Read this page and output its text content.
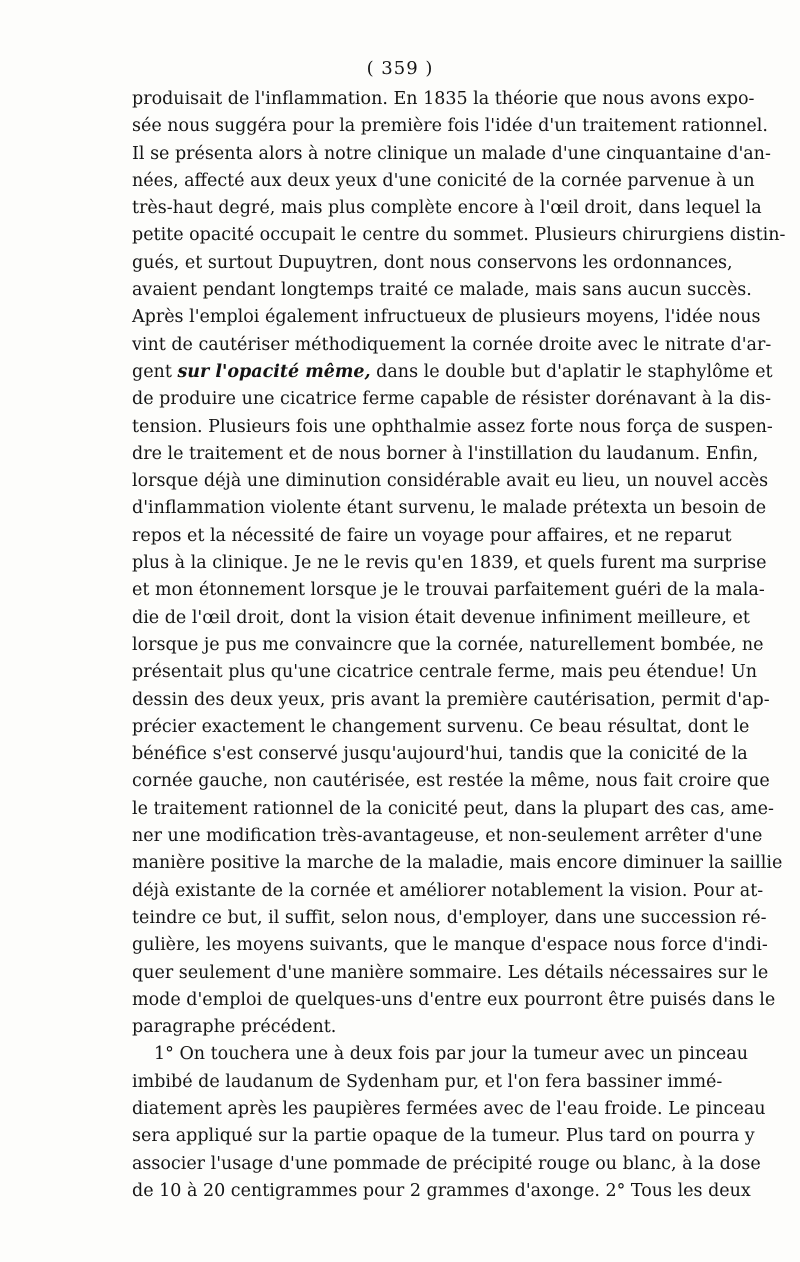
( 359 )
produisait de l'inflammation. En 1835 la théorie que nous avons expo-
sée nous suggéra pour la première fois l'idée d'un traitement rationnel.
Il se présenta alors à notre clinique un malade d'une cinquantaine d'an-
nées, affecté aux deux yeux d'une conicité de la cornée parvenue à un
très-haut degré, mais plus complète encore à l'œil droit, dans lequel la
petite opacité occupait le centre du sommet. Plusieurs chirurgiens distin-
gués, et surtout Dupuytren, dont nous conservons les ordonnances,
avaient pendant longtemps traité ce malade, mais sans aucun succès.
Après l'emploi également infructueux de plusieurs moyens, l'idée nous
vint de cautériser méthodiquement la cornée droite avec le nitrate d'ar-
gent sur l'opacité même, dans le double but d'aplatir le staphylôme et
de produire une cicatrice ferme capable de résister dorénavant à la dis-
tension. Plusieurs fois une ophthalmie assez forte nous força de suspen-
dre le traitement et de nous borner à l'instillation du laudanum. Enfin,
lorsque déjà une diminution considérable avait eu lieu, un nouvel accès
d'inflammation violente étant survenu, le malade prétexta un besoin de
repos et la nécessité de faire un voyage pour affaires, et ne reparut
plus à la clinique. Je ne le revis qu'en 1839, et quels furent ma surprise
et mon étonnement lorsque je le trouvai parfaitement guéri de la mala-
die de l'œil droit, dont la vision était devenue infiniment meilleure, et
lorsque je pus me convaincre que la cornée, naturellement bombée, ne
présentait plus qu'une cicatrice centrale ferme, mais peu étendue! Un
dessin des deux yeux, pris avant la première cautérisation, permit d'ap-
précier exactement le changement survenu. Ce beau résultat, dont le
bénéfice s'est conservé jusqu'aujourd'hui, tandis que la conicité de la
cornée gauche, non cautérisée, est restée la même, nous fait croire que
le traitement rationnel de la conicité peut, dans la plupart des cas, ame-
ner une modification très-avantageuse, et non-seulement arrêter d'une
manière positive la marche de la maladie, mais encore diminuer la saillie
déjà existante de la cornée et améliorer notablement la vision. Pour at-
teindre ce but, il suffit, selon nous, d'employer, dans une succession ré-
gulière, les moyens suivants, que le manque d'espace nous force d'indi-
quer seulement d'une manière sommaire. Les détails nécessaires sur le
mode d'emploi de quelques-uns d'entre eux pourront être puisés dans le
paragraphe précédent.
1° On touchera une à deux fois par jour la tumeur avec un pinceau
imbibé de laudanum de Sydenham pur, et l'on fera bassiner immé-
diatement après les paupières fermées avec de l'eau froide. Le pinceau
sera appliqué sur la partie opaque de la tumeur. Plus tard on pourra y
associer l'usage d'une pommade de précipité rouge ou blanc, à la dose
de 10 à 20 centigrammes pour 2 grammes d'axonge. 2° Tous les deux
